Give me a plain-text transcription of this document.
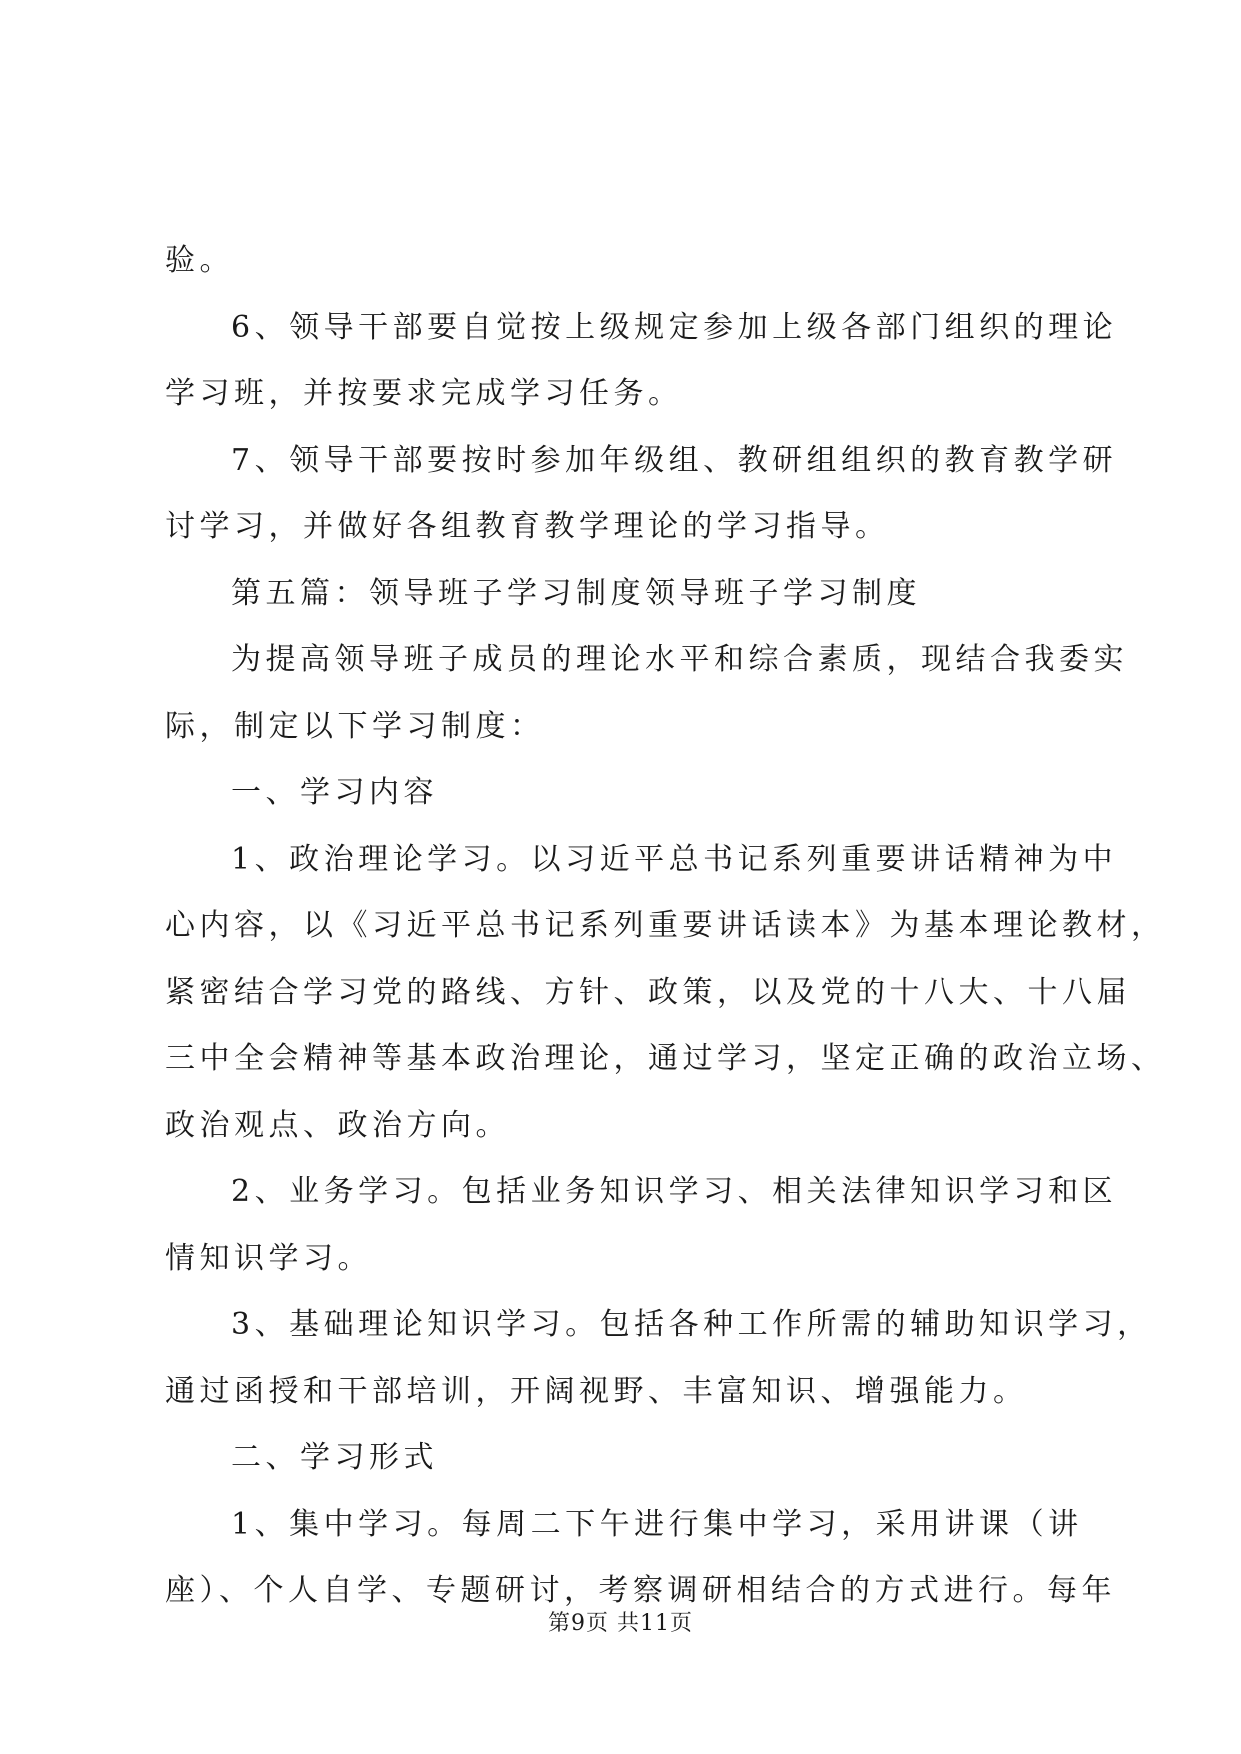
验。
6、领导干部要自觉按上级规定参加上级各部门组织的理论
学习班，并按要求完成学习任务。
7、领导干部要按时参加年级组、教研组组织的教育教学研
讨学习，并做好各组教育教学理论的学习指导。
第五篇：领导班子学习制度领导班子学习制度
为提高领导班子成员的理论水平和综合素质，现结合我委实
际，制定以下学习制度：
一、学习内容
1、政治理论学习。以习近平总书记系列重要讲话精神为中
心内容，以《习近平总书记系列重要讲话读本》为基本理论教材，
紧密结合学习党的路线、方针、政策，以及党的十八大、十八届
三中全会精神等基本政治理论，通过学习，坚定正确的政治立场、
政治观点、政治方向。
2、业务学习。包括业务知识学习、相关法律知识学习和区
情知识学习。
3、基础理论知识学习。包括各种工作所需的辅助知识学习，
通过函授和干部培训，开阔视野、丰富知识、增强能力。
二、学习形式
1、集中学习。每周二下午进行集中学习，采用讲课（讲
座）、个人自学、专题研讨，考察调研相结合的方式进行。每年
第9页 共11页
